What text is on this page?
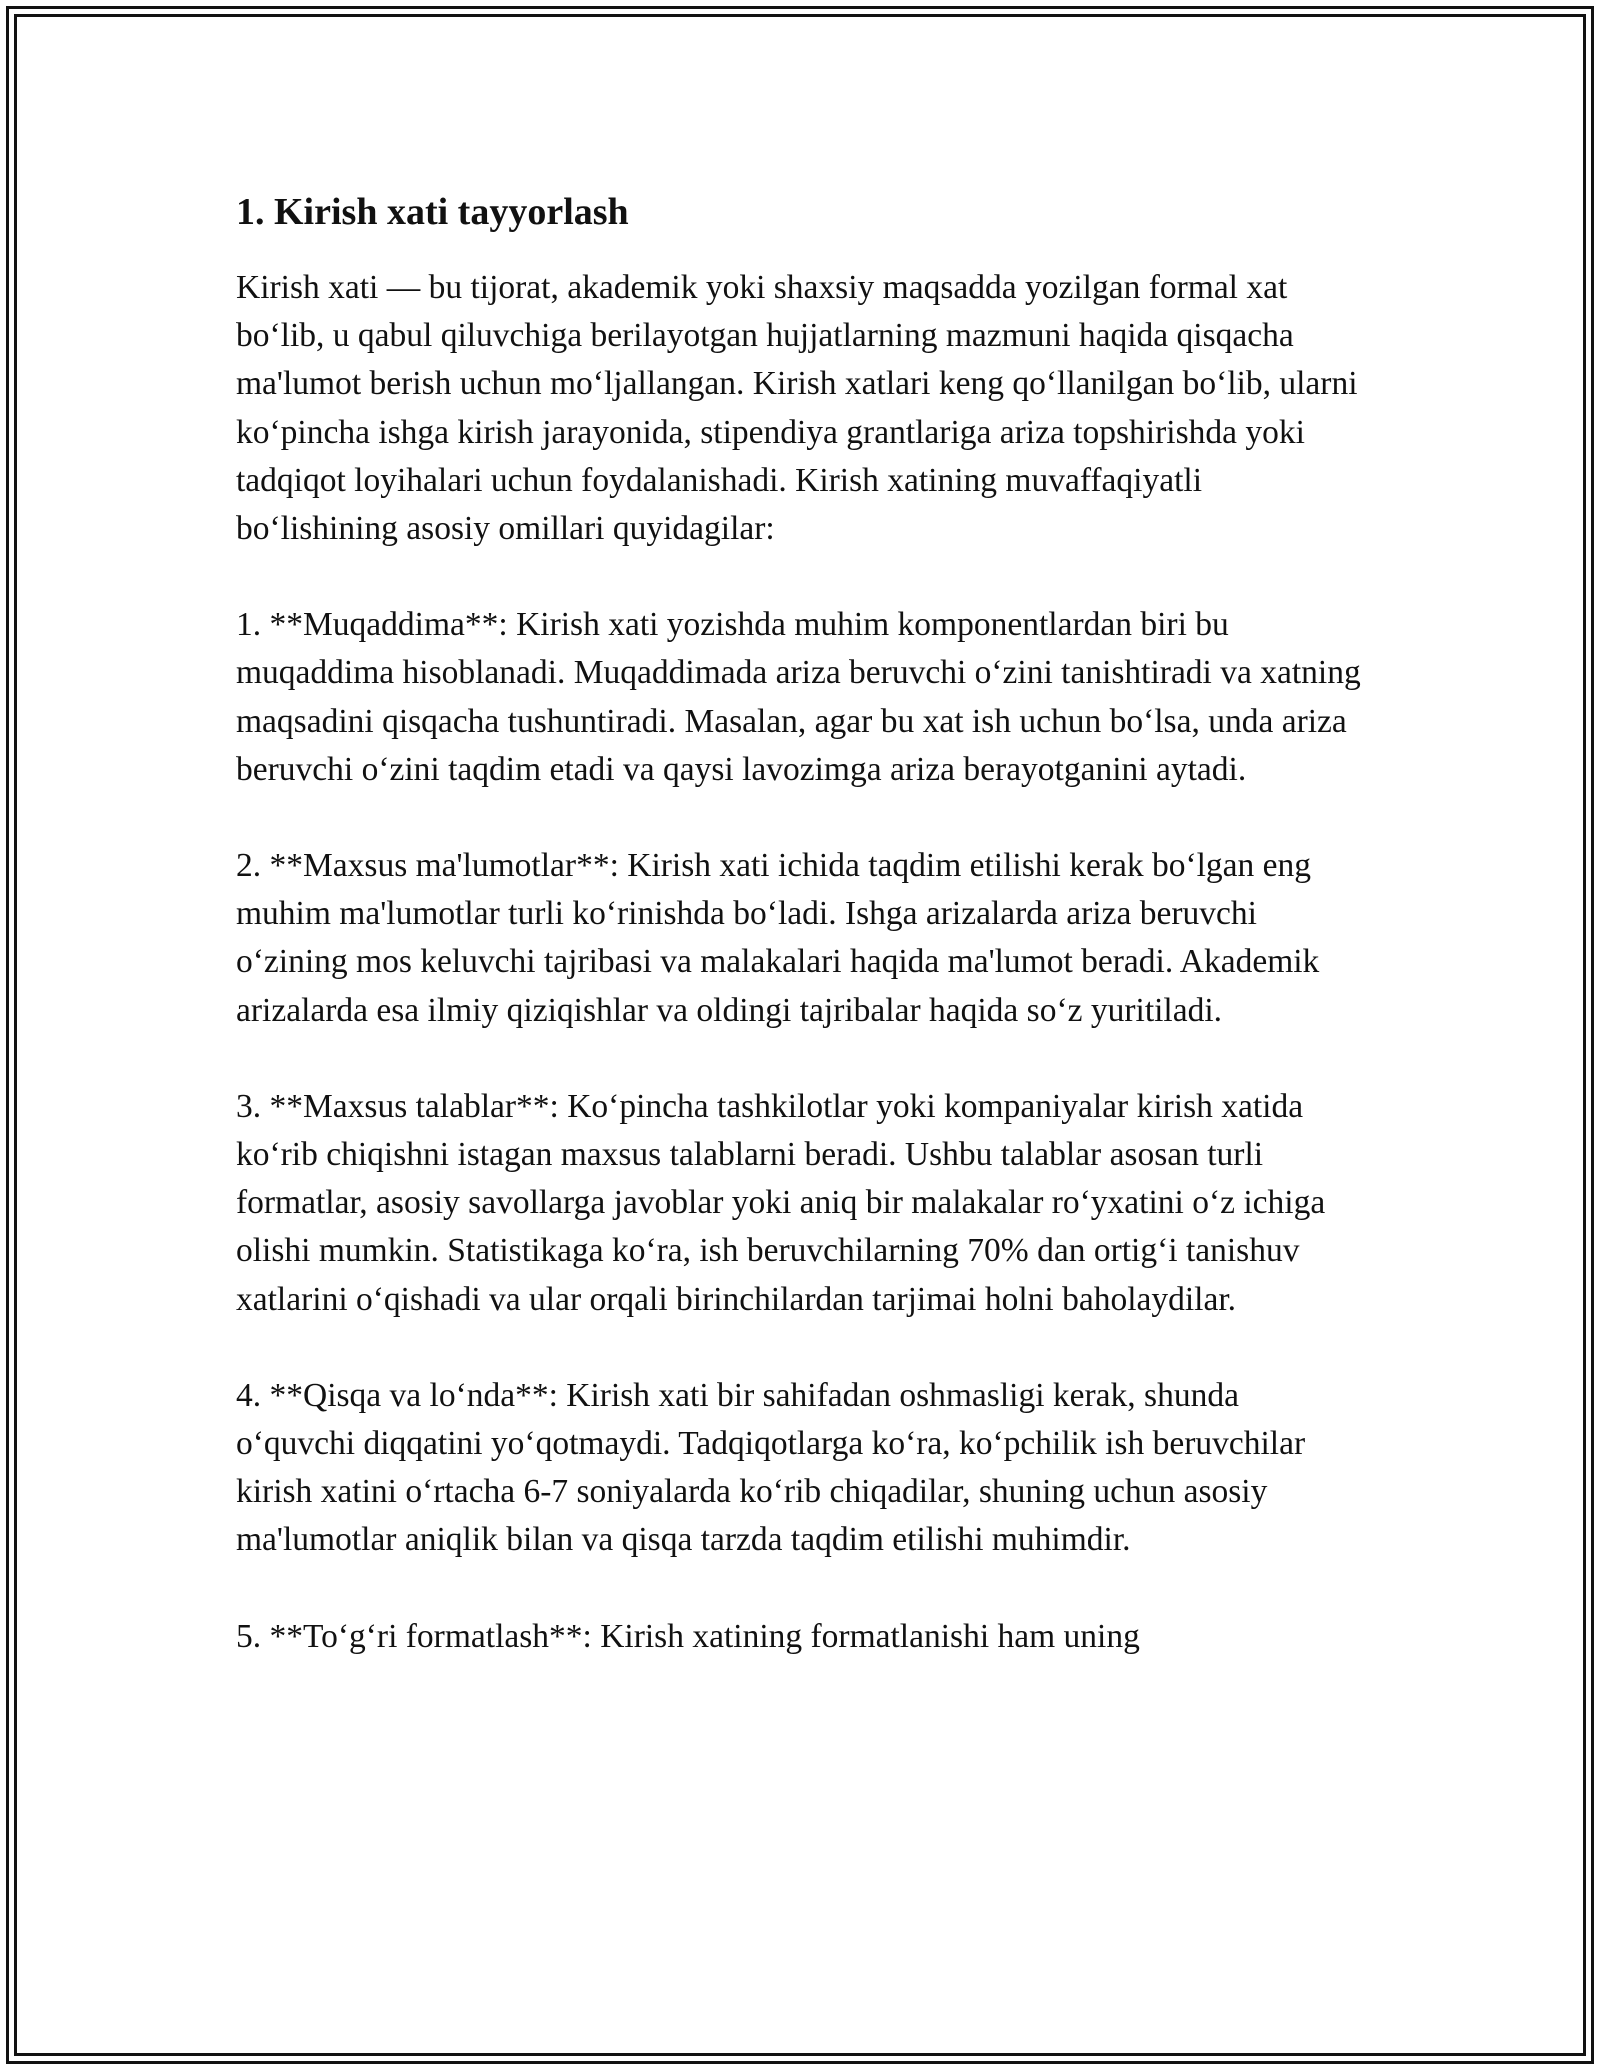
1. Kirish xati tayyorlash

Kirish xati — bu tijorat, akademik yoki shaxsiy maqsadda yozilgan formal xat bo‘lib, u qabul qiluvchiga berilayotgan hujjatlarning mazmuni haqida qisqacha ma'lumot berish uchun mo‘ljallangan. Kirish xatlari keng qo‘llanilgan bo‘lib, ularni ko‘pincha ishga kirish jarayonida, stipendiya grantlariga ariza topshirishda yoki tadqiqot loyihalari uchun foydalanishadi. Kirish xatining muvaffaqiyatli bo‘lishining asosiy omillari quyidagilar:

1. **Muqaddima**: Kirish xati yozishda muhim komponentlardan biri bu muqaddima hisoblanadi. Muqaddimada ariza beruvchi o‘zini tanishtiradi va xatning maqsadini qisqacha tushuntiradi. Masalan, agar bu xat ish uchun bo‘lsa, unda ariza beruvchi o‘zini taqdim etadi va qaysi lavozimga ariza berayotganini aytadi.

2. **Maxsus ma'lumotlar**: Kirish xati ichida taqdim etilishi kerak bo‘lgan eng muhim ma'lumotlar turli ko‘rinishda bo‘ladi. Ishga arizalarda ariza beruvchi o‘zining mos keluvchi tajribasi va malakalari haqida ma'lumot beradi. Akademik arizalarda esa ilmiy qiziqishlar va oldingi tajribalar haqida so‘z yuritiladi.

3. **Maxsus talablar**: Ko‘pincha tashkilotlar yoki kompaniyalar kirish xatida ko‘rib chiqishni istagan maxsus talablarni beradi. Ushbu talablar asosan turli formatlar, asosiy savollarga javoblar yoki aniq bir malakalar ro‘yxatini o‘z ichiga olishi mumkin. Statistikaga ko‘ra, ish beruvchilarning 70% dan ortig‘i tanishuv xatlarini o‘qishadi va ular orqali birinchilardan tarjimai holni baholaydilar.

4. **Qisqa va lo‘nda**: Kirish xati bir sahifadan oshmasligi kerak, shunda o‘quvchi diqqatini yo‘qotmaydi. Tadqiqotlarga ko‘ra, ko‘pchilik ish beruvchilar kirish xatini o‘rtacha 6-7 soniyalarda ko‘rib chiqadilar, shuning uchun asosiy ma'lumotlar aniqlik bilan va qisqa tarzda taqdim etilishi muhimdir.

5. **To‘g‘ri formatlash**: Kirish xatining formatlanishi ham uning
